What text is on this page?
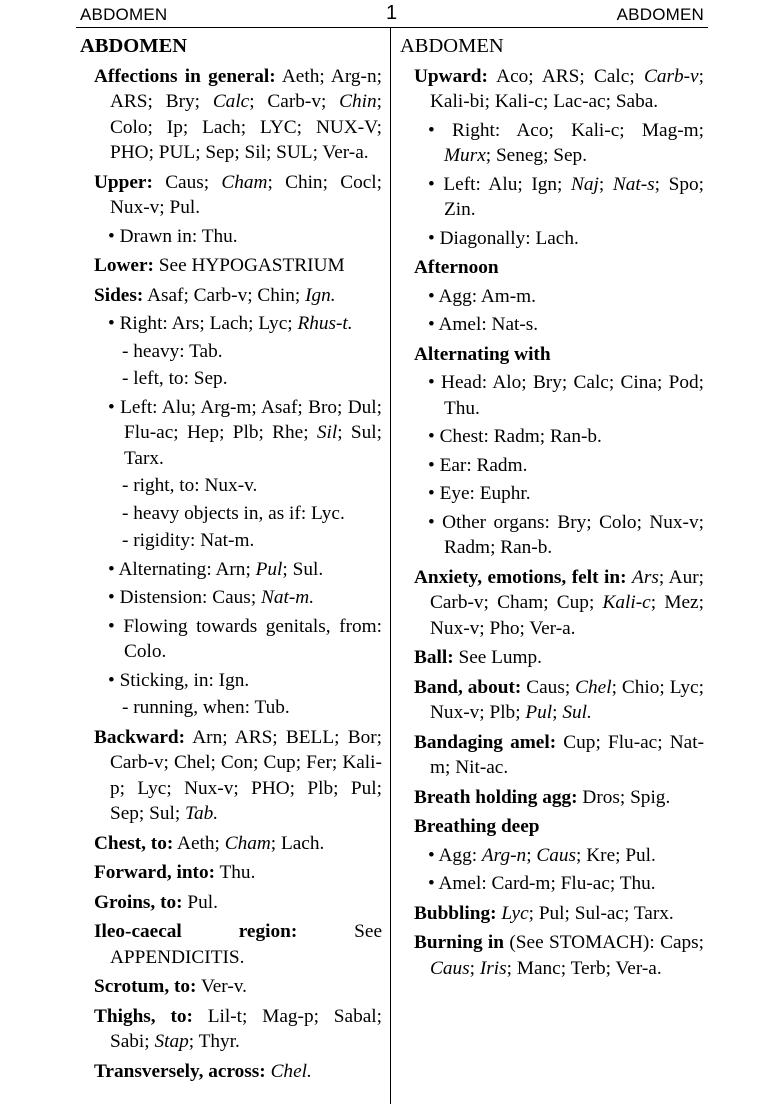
ABDOMEN	1	ABDOMEN
ABDOMEN
Affections in general: Aeth; Arg-n; ARS; Bry; Calc; Carb-v; Chin; Colo; Ip; Lach; LYC; NUX-V; PHO; PUL; Sep; Sil; SUL; Ver-a.
Upper: Caus; Cham; Chin; Cocl; Nux-v; Pul.
• Drawn in: Thu.
Lower: See HYPOGASTRIUM
Sides: Asaf; Carb-v; Chin; Ign.
• Right: Ars; Lach; Lyc; Rhus-t.
- heavy: Tab.
- left, to: Sep.
• Left: Alu; Arg-m; Asaf; Bro; Dul; Flu-ac; Hep; Plb; Rhe; Sil; Sul; Tarx.
- right, to: Nux-v.
- heavy objects in, as if: Lyc.
- rigidity: Nat-m.
• Alternating: Arn; Pul; Sul.
• Distension: Caus; Nat-m.
• Flowing towards genitals, from: Colo.
• Sticking, in: Ign.
- running, when: Tub.
Backward: Arn; ARS; BELL; Bor; Carb-v; Chel; Con; Cup; Fer; Kali-p; Lyc; Nux-v; PHO; Plb; Pul; Sep; Sul; Tab.
Chest, to: Aeth; Cham; Lach.
Forward, into: Thu.
Groins, to: Pul.
Ileo-caecal region:	See APPENDICITIS.
Scrotum, to: Ver-v.
Thighs, to: Lil-t; Mag-p; Sabal; Sabi; Stap; Thyr.
Transversely, across: Chel.
ABDOMEN
Upward: Aco; ARS; Calc; Carb-v; Kali-bi; Kali-c; Lac-ac; Saba.
• Right: Aco; Kali-c; Mag-m; Murx; Seneg; Sep.
• Left: Alu; Ign; Naj; Nat-s; Spo; Zin.
• Diagonally: Lach.
Afternoon
• Agg: Am-m.
• Amel: Nat-s.
Alternating with
• Head: Alo; Bry; Calc; Cina; Pod; Thu.
• Chest: Radm; Ran-b.
• Ear: Radm.
• Eye: Euphr.
• Other organs: Bry; Colo; Nux-v; Radm; Ran-b.
Anxiety, emotions, felt in: Ars; Aur; Carb-v; Cham; Cup; Kali-c; Mez; Nux-v; Pho; Ver-a.
Ball: See Lump.
Band, about: Caus; Chel; Chio; Lyc; Nux-v; Plb; Pul; Sul.
Bandaging amel: Cup; Flu-ac; Nat-m; Nit-ac.
Breath holding agg: Dros; Spig.
Breathing deep
• Agg: Arg-n; Caus; Kre; Pul.
• Amel: Card-m; Flu-ac; Thu.
Bubbling: Lyc; Pul; Sul-ac; Tarx.
Burning in (See STOMACH): Caps; Caus; Iris; Manc; Terb; Ver-a.
